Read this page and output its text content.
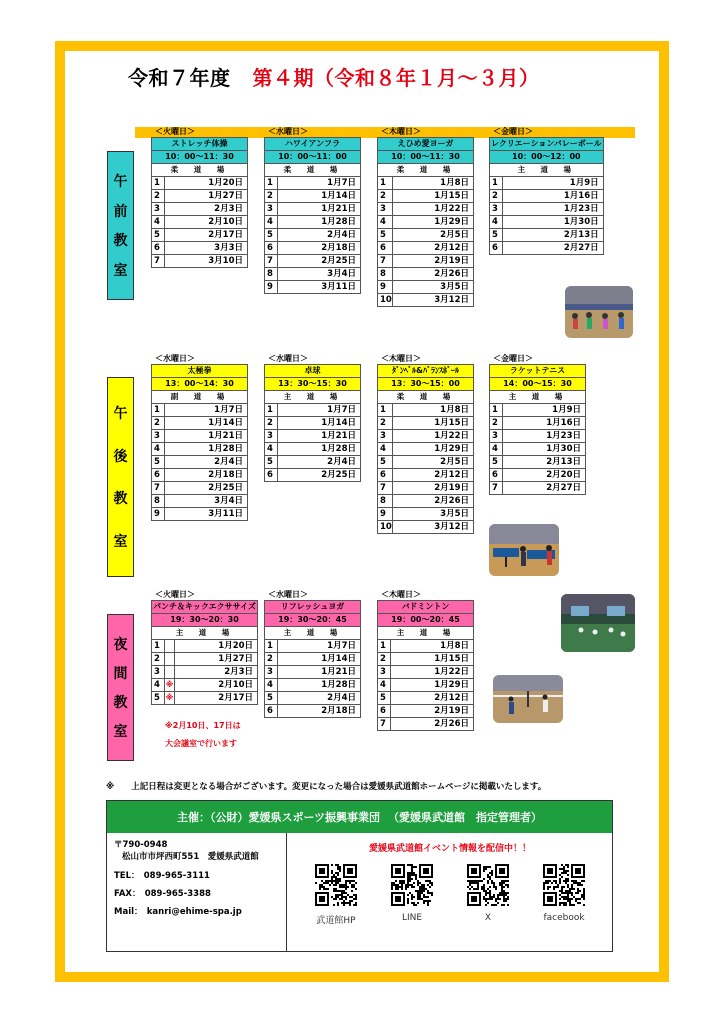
令和７年度 第４期（令和８年１月～３月）
午
前
教
室
午
後
教
室
夜
間
教
室
＜火曜日＞
ストレッチ体操	
10：00～11：30	
柔　道　場	
1	1月20日
2	1月27日
3	2月3日
4	2月10日
5	2月17日
6	3月3日
7	3月10日
＜水曜日＞
ハワイアンフラ	
10：00～11：00	
柔　道　場	
1	1月7日
2	1月14日
3	1月21日
4	1月28日
5	2月4日
6	2月18日
7	2月25日
8	3月4日
9	3月11日
＜木曜日＞
えひめ愛ヨーガ	
10：00～11：30	
柔　道　場	
1	1月8日
2	1月15日
3	1月22日
4	1月29日
5	2月5日
6	2月12日
7	2月19日
8	2月26日
9	3月5日
10	3月12日
＜金曜日＞
レクリエーションバレーボール	
10：00～12：00	
主　道　場	
1	1月9日
2	1月16日
3	1月23日
4	1月30日
5	2月13日
6	2月27日
＜水曜日＞
太極拳	
13：00～14：30	
副　道　場	
1	1月7日
2	1月14日
3	1月21日
4	1月28日
5	2月4日
6	2月18日
7	2月25日
8	3月4日
9	3月11日
＜水曜日＞
卓球	
13：30～15：30	
主　道　場	
1	1月7日
2	1月14日
3	1月21日
4	1月28日
5	2月4日
6	2月25日
＜木曜日＞
ﾀﾞﾝﾍﾞﾙ&ﾊﾞﾗﾝｽﾎﾞｰﾙ	
13：30～15：00	
柔　道　場	
1	1月8日
2	1月15日
3	1月22日
4	1月29日
5	2月5日
6	2月12日
7	2月19日
8	2月26日
9	3月5日
10	3月12日
＜金曜日＞
ラケットテニス	
14：00～15：30	
主　道　場	
1	1月9日
2	1月16日
3	1月23日
4	1月30日
5	2月13日
6	2月20日
7	2月27日
＜火曜日＞
パンチ＆キックエクササイズ		
19：30～20：30		
主　道　場		
1		1月20日
2		1月27日
3		2月3日
4	※	2月10日
5	※	2月17日
＜水曜日＞
リフレッシュヨガ	
19：30～20：45	
主　道　場	
1	1月7日
2	1月14日
3	1月21日
4	1月28日
5	2月4日
6	2月18日
＜木曜日＞
バドミントン	
19：00～20：45	
主　道　場	
1	1月8日
2	1月15日
3	1月22日
4	1月29日
5	2月12日
6	2月19日
7	2月26日
※2月10日、17日は
大会議室で行います
※　　上記日程は変更となる場合がございます。変更になった場合は愛媛県武道館ホームページに掲載いたします。
主催：（公財）愛媛県スポーツ振興事業団 （愛媛県武道館　指定管理者）
〒790-0948
松山市市坪西町551　愛媛県武道館
TEL：　089-965-3111
FAX：　089-965-3388
Mail：　kanri@ehime-spa.jp
愛媛県武道館イベント情報を配信中！！
武道館HP	LINE	X	facebook
